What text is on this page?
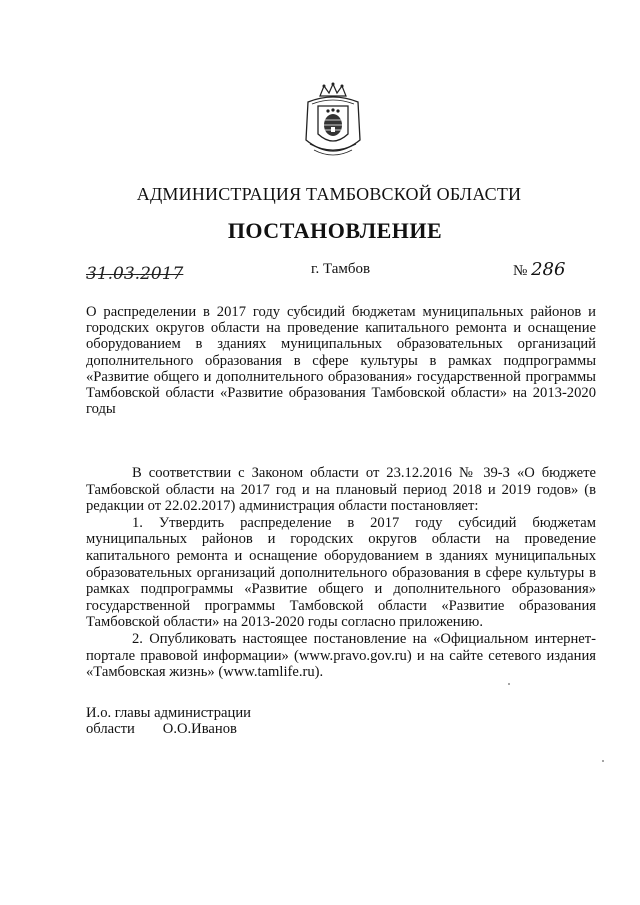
АДМИНИСТРАЦИЯ ТАМБОВСКОЙ ОБЛАСТИ
ПОСТАНОВЛЕНИЕ
31.03.2017	г. Тамбов	№ 286
О распределении в 2017 году субсидий бюджетам муниципальных районов и городских округов области на проведение капитального ремонта и оснащение оборудованием в зданиях муниципальных образовательных организаций дополнительного образования в сфере культуры в рамках подпрограммы «Развитие общего и дополнительного образования» государственной программы Тамбовской области «Развитие образования Тамбовской области» на 2013-2020 годы

В соответствии с Законом области от 23.12.2016 № 39-З «О бюджете Тамбовской области на 2017 год и на плановый период 2018 и 2019 годов» (в редакции от 22.02.2017) администрация области постановляет:

1. Утвердить распределение в 2017 году субсидий бюджетам муниципальных районов и городских округов области на проведение капитального ремонта и оснащение оборудованием в зданиях муниципальных образовательных организаций дополнительного образования в сфере культуры в рамках подпрограммы «Развитие общего и дополнительного образования» государственной программы Тамбовской области «Развитие образования Тамбовской области» на 2013-2020 годы согласно приложению.

2. Опубликовать настоящее постановление на «Официальном интернет-портале правовой информации» (www.pravo.gov.ru) и на сайте сетевого издания «Тамбовская жизнь» (www.tamlife.ru).

И.о. главы администрации
области О.О.Иванов
